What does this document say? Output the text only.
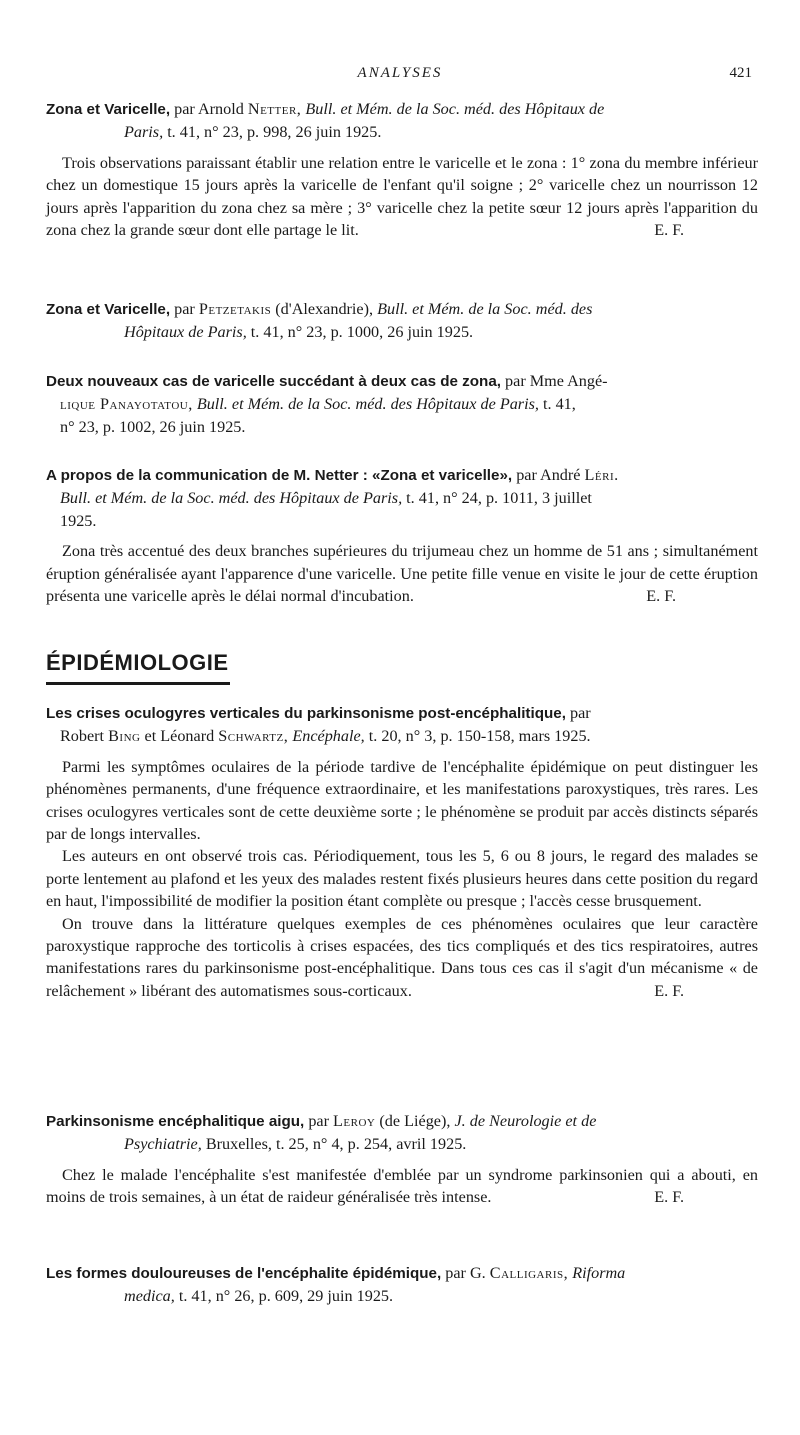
ANALYSES	421

Zona et Varicelle, par Arnold Netter, Bull. et Mém. de la Soc. méd. des Hôpitaux de
Paris, t. 41, n° 23, p. 998, 26 juin 1925.

Trois observations paraissant établir une relation entre le varicelle et le zona : 1° zona du membre inférieur chez un domestique 15 jours après la varicelle de l'enfant qu'il soigne ; 2° varicelle chez un nourrisson 12 jours après l'apparition du zona chez sa mère ; 3° varicelle chez la petite sœur 12 jours après l'apparition du zona chez la grande sœur dont elle partage le lit.	E. F.

Zona et Varicelle, par Petzetakis (d'Alexandrie), Bull. et Mém. de la Soc. méd. des
Hôpitaux de Paris, t. 41, n° 23, p. 1000, 26 juin 1925.

Deux nouveaux cas de varicelle succédant à deux cas de zona, par Mme Angé-
lique Panayotatou, Bull. et Mém. de la Soc. méd. des Hôpitaux de Paris, t. 41,
n° 23, p. 1002, 26 juin 1925.

A propos de la communication de M. Netter : «Zona et varicelle», par André Léri.
Bull. et Mém. de la Soc. méd. des Hôpitaux de Paris, t. 41, n° 24, p. 1011, 3 juillet
1925.

Zona très accentué des deux branches supérieures du trijumeau chez un homme de 51 ans ; simultanément éruption généralisée ayant l'apparence d'une varicelle. Une petite fille venue en visite le jour de cette éruption présenta une varicelle après le délai normal d'incubation.	E. F.

ÉPIDÉMIOLOGIE

Les crises oculogyres verticales du parkinsonisme post-encéphalitique, par
Robert Bing et Léonard Schwartz, Encéphale, t. 20, n° 3, p. 150-158, mars 1925.

Parmi les symptômes oculaires de la période tardive de l'encéphalite épidémique on peut distinguer les phénomènes permanents, d'une fréquence extraordinaire, et les manifestations paroxystiques, très rares. Les crises oculogyres verticales sont de cette deuxième sorte ; le phénomène se produit par accès distincts séparés par de longs intervalles.

Les auteurs en ont observé trois cas. Périodiquement, tous les 5, 6 ou 8 jours, le regard des malades se porte lentement au plafond et les yeux des malades restent fixés plusieurs heures dans cette position du regard en haut, l'impossibilité de modifier la position étant complète ou presque ; l'accès cesse brusquement.

On trouve dans la littérature quelques exemples de ces phénomènes oculaires que leur caractère paroxystique rapproche des torticolis à crises espacées, des tics compliqués et des tics respiratoires, autres manifestations rares du parkinsonisme post-encéphalitique. Dans tous ces cas il s'agit d'un mécanisme « de relâchement » libérant des automatismes sous-corticaux.	E. F.

Parkinsonisme encéphalitique aigu, par Leroy (de Liége), J. de Neurologie et de
Psychiatrie, Bruxelles, t. 25, n° 4, p. 254, avril 1925.

Chez le malade l'encéphalite s'est manifestée d'emblée par un syndrome parkinsonien qui a abouti, en moins de trois semaines, à un état de raideur généralisée très intense.	E. F.

Les formes douloureuses de l'encéphalite épidémique, par G. Calligaris, Riforma
medica, t. 41, n° 26, p. 609, 29 juin 1925.
